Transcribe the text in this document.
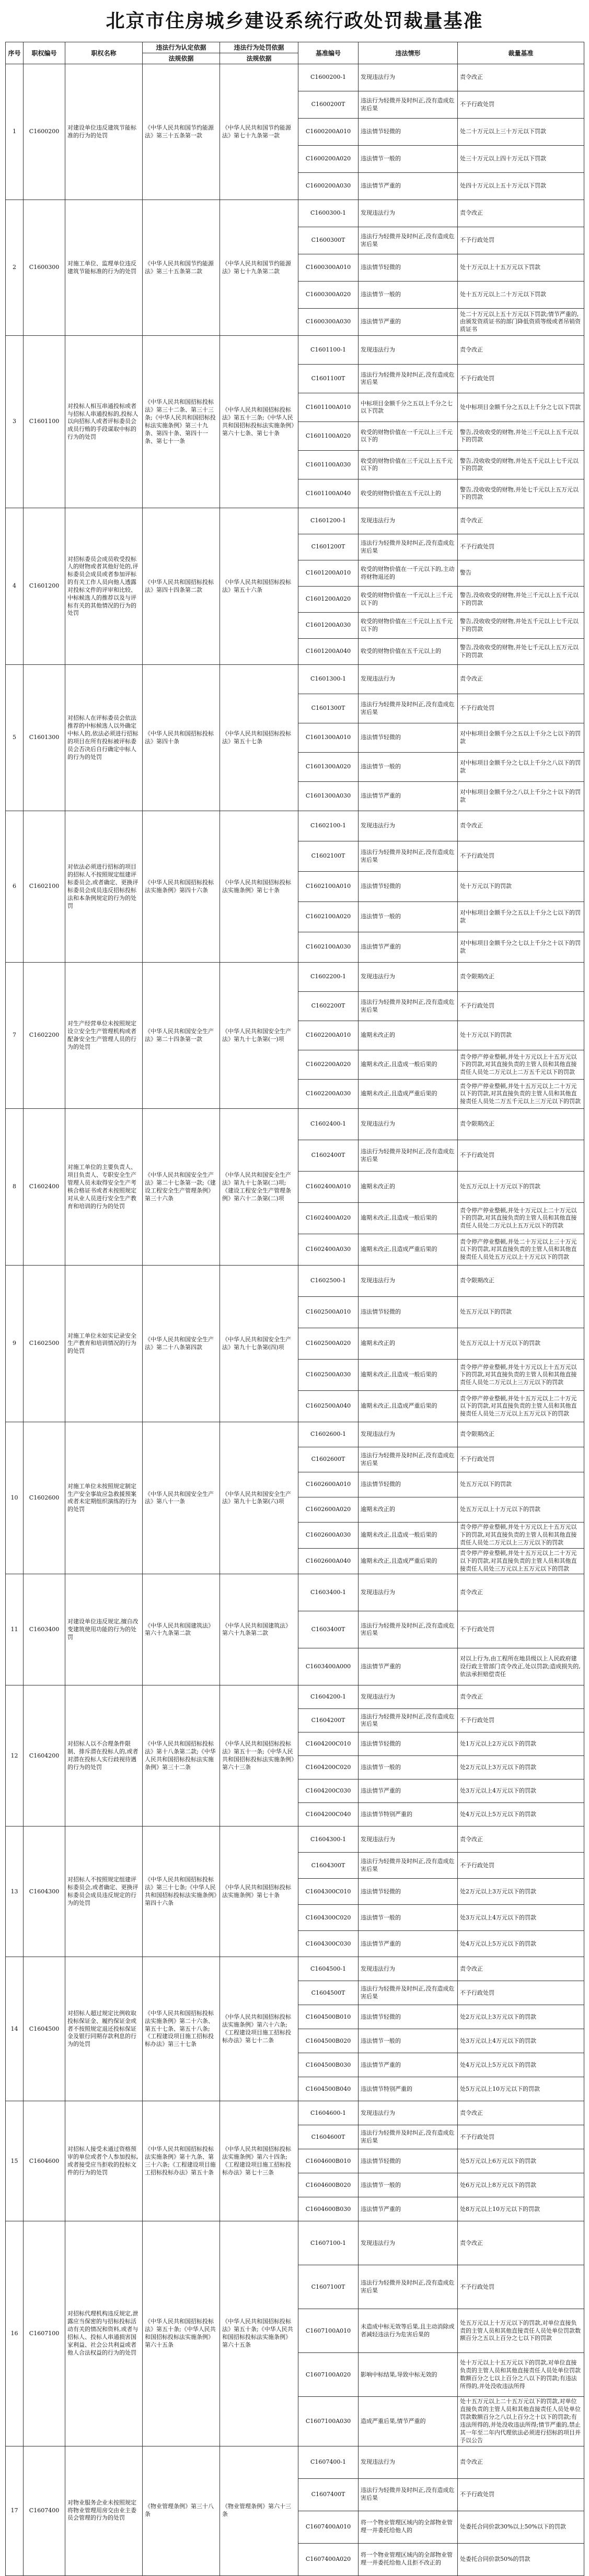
北京市住房城乡建设系统行政处罚裁量基准
序号	职权编号	职权名称	违法行为认定依据	违法行为处罚依据	基准编号	违法情形	裁量基准
			法规依据	法规依据			
1	C1600200	对建设单位违反建筑节能标准的行为的处罚	《中华人民共和国节约能源法》第三十五条第一款	《中华人民共和国节约能源法》第七十九条第一款	C1600200-1	发现违法行为	责令改正
					C1600200T	违法行为轻微并及时纠正,没有造成危害后果	不予行政处罚
					C1600200A010	违法情节轻微的	处二十万元以上三十万元以下罚款
					C1600200A020	违法情节一般的	处三十万元以上四十万元以下罚款
					C1600200A030	违法情节严重的	处四十万元以上五十万元以下罚款
2	C1600300	对施工单位、监理单位违反建筑节能标准的行为的处罚	《中华人民共和国节约能源法》第三十五条第二款	《中华人民共和国节约能源法》第七十九条第二款	C1600300-1	发现违法行为	责令改正
					C1600300T	违法行为轻微并及时纠正,没有造成危害后果	不予行政处罚
					C1600300A010	违法情节轻微的	处十万元以上十五万元以下罚款
					C1600300A020	违法情节一般的	处十五万元以上二十万元以下罚款
					C1600300A030	违法情节严重的	处二十万元以上五十万元以下罚款;情节严重的,由颁发资质证书的部门降低资质等级或者吊销资质证书
3	C1601100	对投标人相互串通投标或者与招标人串通投标的,投标人以向招标人或者评标委员会成员行贿的手段谋取中标的行为的处罚	《中华人民共和国招标投标法》第三十二条、第三十三条;《中华人民共和国招标投标法实施条例》第三十九条、第四十条、第四十一条、第七十一条	《中华人民共和国招标投标法》第五十三条;《中华人民共和国招标投标法实施条例》第六十七条、第七十条	C1601100-1	发现违法行为	责令改正
					C1601100T	违法行为轻微并及时纠正,没有造成危害后果	不予行政处罚
					C1601100A010	中标项目金额千分之五以上千分之七以下罚款	处中标项目金额千分之五以上千分之七以下罚款
					C1601100A020	收受的财物价值在一千元以上三千元以下的	警告,没收收受的财物,并处三千元以上五千元以下的罚款
					C1601100A030	收受的财物价值在三千元以上五千元以下的	警告,没收收受的财物,并处五千元以上七千元以下的罚款
					C1601100A040	收受的财物价值在五千元以上的	警告,没收收受的财物,并处七千元以上五万元以下的罚款
4	C1601200	对招标委员会成员收受投标人的财物或者其他好处的,评标委员会成员或者参加评标的有关工作人员向他人透露对投标文件的评审和比较、中标候选人的推荐以及与评标有关的其他情况的行为的处罚	《中华人民共和国招标投标法》第四十四条第二款	《中华人民共和国招标投标法》第五十六条	C1601200-1	发现违法行为	责令改正
					C1601200T	违法行为轻微并及时纠正,没有造成危害后果	不予行政处罚
					C1601200A010	收受的财物价值在一千元以下的,主动将财物退还的	警告
					C1601200A020	收受的财物价值在一千元以上三千元以下的	警告,没收收受的财物,并处三千元以上五千元以下的罚款
					C1601200A030	收受的财物价值在三千元以上五千元以下的	警告,没收收受的财物,并处五千元以上七千元以下的罚款
					C1601200A040	收受的财物价值在五千元以上的	警告,没收收受的财物,并处七千元以上五万元以下的罚款
5	C1601300	对招标人在评标委员会依法推荐的中标候选人以外确定中标人的,依法必须进行招标的项目在所有投标被评标委员会否决后自行确定中标人的行为的处罚	《中华人民共和国招标投标法》第四十条	《中华人民共和国招标投标法》第五十七条	C1601300-1	发现违法行为	责令改正
					C1601300T	违法行为轻微并及时纠正,没有造成危害后果	不予行政处罚
					C1601300A010	违法情节轻微的	对中标项目金额千分之五以上千分之七以下的罚款
					C1601300A020	违法情节一般的	对中标项目金额千分之七以上千分之八以下的罚款
					C1601300A030	违法情节严重的	对中标项目金额千分之八以上千分之十以下的罚款
6	C1602100	对依法必须进行招标的项目的招标人不按照规定组建评标委员会,或者确定、更换评标委员会成员违反招标投标法和本条例规定的行为的处罚	《中华人民共和国招标投标法实施条例》第四十六条	《中华人民共和国招标投标法实施条例》第七十条	C1602100-1	发现违法行为	责令改正
					C1602100T	违法行为轻微并及时纠正,没有造成危害后果	不予行政处罚
					C1602100A010	违法情节轻微的	处十万元以下的罚款
					C1602100A020	违法情节一般的	对中标项目金额千分之五以上千分之七以下的罚款
					C1602100A030	违法情节严重的	对中标项目金额千分之七以上千分之十以下的罚款
7	C1602200	对生产经营单位未按照规定设立安全生产管理机构或者配备安全生产管理人员的行为的处罚	《中华人民共和国安全生产法》第二十四条第一款	《中华人民共和国安全生产法》第九十七条第(一)项	C1602200-1	发现违法行为	责令限期改正
					C1602200T	违法行为轻微并及时纠正,没有造成危害后果	不予行政处罚
					C1602200A010	逾期未改正的	处十万元以下的罚款
					C1602200A020	逾期未改正,且造成一般后果的	责令停产停业整顿,并处十万元以上十五万元以下的罚款,对其直接负责的主管人员和其他直接责任人员处二万元以上二万五千元以下的罚款
					C1602200A030	逾期未改正,且造成严重后果的	责令停产停业整顿,并处十五万元以上二十万元以下的罚款,对其直接负责的主管人员和其他直接责任人员处二万五千元以上三万元以下的罚款
8	C1602400	对施工单位的主要负责人、项目负责人、专职安全生产管理人员未取得安全生产考核合格证书或者未按照规定对从业人员进行安全生产教育和培训的行为的处罚	《中华人民共和国安全生产法》第二十七条第一款;《建设工程安全生产管理条例》第三十六条	《中华人民共和国安全生产法》第九十七条第(二)项;《建设工程安全生产管理条例》第六十二条第(二)项	C1602400-1	发现违法行为	责令限期改正
					C1602400T	违法行为轻微并及时纠正,没有造成危害后果	不予行政处罚
					C1602400A010	逾期未改正的	处五万元以上十万元以下的罚款
					C1602400A020	逾期未改正,且造成一般后果的	责令停产停业整顿,并处十万元以上二十万元以下的罚款,对其直接负责的主管人员和其他直接责任人员处二万元以上五万元以下的罚款
					C1602400A030	逾期未改正,且造成严重后果的	责令停产停业整顿,并处二十万元以上三十万元以下的罚款,对其直接负责的主管人员和其他直接责任人员处五万元以上十万元以下的罚款
9	C1602500	对施工单位未如实记录安全生产教育和培训情况的行为的处罚	《中华人民共和国安全生产法》第二十八条第四款	《中华人民共和国安全生产法》第九十七条第(四)项	C1602500-1	发现违法行为	责令限期改正
					C1602500A010	违法情节轻微的	处五万元以下的罚款
					C1602500A020	逾期未改正的	处五万元以上十万元以下的罚款
					C1602500A030	逾期未改正,且造成一般后果的	责令停产停业整顿,并处十万元以上十五万元以下的罚款,对其直接负责的主管人员和其他直接责任人员处二万元以上三万元以下的罚款
					C1602500A040	逾期未改正,且造成严重后果的	责令停产停业整顿,并处十五万元以上二十万元以下的罚款,对其直接负责的主管人员和其他直接责任人员处三万元以上五万元以下的罚款
10	C1602600	对施工单位未按照规定制定生产安全事故应急救援预案或者未定期组织演练的行为的处罚	《中华人民共和国安全生产法》第八十一条	《中华人民共和国安全生产法》第九十七条第(六)项	C1602600-1	发现违法行为	责令限期改正
					C1602600T	违法行为轻微并及时纠正,没有造成危害后果	不予行政处罚
					C1602600A010	违法情节轻微的	处五万元以下的罚款
					C1602600A020	逾期未改正的	处五万元以上十万元以下的罚款
					C1602600A030	逾期未改正,且造成一般后果的	责令停产停业整顿,并处十万元以上十五万元以下的罚款,对其直接负责的主管人员和其他直接责任人员处二万元以上三万元以下的罚款
					C1602600A040	逾期未改正,且造成严重后果的	责令停产停业整顿,并处十五万元以上二十万元以下的罚款,对其直接负责的主管人员和其他直接责任人员处三万元以上五万元以下的罚款
11	C1603400	对建设单位违反规定,擅自改变建筑使用功能的行为的处罚	《中华人民共和国建筑法》第六十九条第二款	《中华人民共和国建筑法》第六十九条第二款	C1603400-1	发现违法行为	责令改正
					C1603400T	违法行为轻微并及时纠正,没有造成危害后果	不予行政处罚
					C1603400A000	违法情节严重的	对以上行为,由工程所在地县级以上人民政府建设行政主管部门责令改正,处以罚款;造成损失的,依法承担赔偿责任
12	C1604200	对招标人以不合理条件限制、排斥潜在投标人的,或者对潜在投标人实行歧视待遇的行为的处罚	《中华人民共和国招标投标法》第十八条第二款;《中华人民共和国招标投标法实施条例》第三十二条	《中华人民共和国招标投标法》第五十一条;《中华人民共和国招标投标法实施条例》第六十三条	C1604200-1	发现违法行为	责令改正
					C1604200T	违法行为轻微并及时纠正,没有造成危害后果	不予行政处罚
					C1604200C010	违法情节轻微的	处1万元以上2万元以下的罚款
					C1604200C020	违法情节一般的	处2万元以上3万元以下的罚款
					C1604200C030	违法情节严重的	处3万元以上4万元以下的罚款
					C1604200C040	违法情节特别严重的	处4万元以上5万元以下的罚款
13	C1604300	对招标人不按照规定组建评标委员会,或者确定、更换评标委员会成员违反规定的行为的处罚	《中华人民共和国招标投标法》第三十七条;《中华人民共和国招标投标法实施条例》第四十六条	《中华人民共和国招标投标法实施条例》第七十条	C1604300-1	发现违法行为	责令改正
					C1604300T	违法行为轻微并及时纠正,没有造成危害后果	不予行政处罚
					C1604300C010	违法情节轻微的	处2万元以上3万元以下的罚款
					C1604300C020	违法情节一般的	处3万元以上4万元以下的罚款
					C1604300C030	违法情节严重的	处4万元以上5万元以下的罚款
14	C1604500	对招标人超过规定比例收取投标保证金、履约保证金或者不按照规定退还投标保证金及银行同期存款利息的行为的处罚	《中华人民共和国招标投标法实施条例》第二十六条、第五十七条、第五十八条;《工程建设项目施工招标投标办法》第三十七条	《中华人民共和国招标投标法实施条例》第六十六条;《工程建设项目施工招标投标办法》第七十二条	C1604500-1	发现违法行为	责令改正
					C1604500T	违法行为轻微并及时纠正,没有造成危害后果	不予行政处罚
					C1604500B010	违法情节轻微的	处2万元以上3万元以下的罚款
					C1604500B020	违法情节一般的	处3万元以上4万元以下的罚款
					C1604500B030	违法情节严重的	处4万元以上5万元以下的罚款
					C1604500B040	违法情节特别严重的	处5万元以上10万元以下的罚款
15	C1604600	对招标人接受未通过资格预审的单位或者个人参加投标,或者接受应当拒收的投标文件的行为的处罚	《中华人民共和国招标投标法实施条例》第十九条、第三十六条;《工程建设项目施工招标投标办法》第五十条	《中华人民共和国招标投标法实施条例》第六十四条;《工程建设项目施工招标投标办法》第七十三条	C1604600-1	发现违法行为	责令改正
					C1604600T	违法行为轻微并及时纠正,没有造成危害后果	不予行政处罚
					C1604600B010	违法情节轻微的	处5万元以上6万元以下的罚款
					C1604600B020	违法情节一般的	处6万元以上8万元以下的罚款
					C1604600B030	违法情节严重的	处8万元以上10万元以下的罚款
16	C1607100	对招标代理机构违反规定,泄露应当保密的与招标投标活动有关的情况和资料,或者与招标人、投标人串通损害国家利益、社会公共利益或者他人合法权益的行为的处罚	《中华人民共和国招标投标法》第五十条;《中华人民共和国招标投标法实施条例》第六十五条	《中华人民共和国招标投标法》第五十条;《中华人民共和国招标投标法实施条例》第六十五条	C1607100-1	发现违法行为	责令改正
					C1607100T	违法行为轻微并及时纠正,没有造成危害后果	不予行政处罚
					C1607100A010	未造成中标无效等后果,且主动消除或者减轻违法行为危害后果的	处五万元以上十万元以下的罚款,对单位直接负责的主管人员和其他直接责任人员处单位罚款数额百分之五以上百分之七以下的罚款
					C1607100A020	影响中标结果,导致中标无效的	处十万元以上十五万元以下的罚款,对单位直接负责的主管人员和其他直接责任人员处单位罚款数额百分之七以上百分之八以下的罚款;有违法所得的,并处没收违法所得
					C1607100A030	造成严重后果,情节严重的	处十五万元以上二十五万元以下的罚款,对单位直接负责的主管人员和其他直接责任人员处单位罚款数额百分之八以上百分之十以下的罚款;有违法所得的,并处没收违法所得;情节严重的,禁止其一年至二年内代理依法必须进行招标的项目并予以公告
17	C1607400	对物业服务企业未按照规定将物业管理用房交由业主委员会管理的行为的处罚	《物业管理条例》第三十八条	《物业管理条例》第六十三条	C1607400-1	发现违法行为	责令改正
					C1607400T	违法行为轻微并及时纠正,没有造成危害后果	不予行政处罚
					C1607400A010	将一个物业管理区域内的全部物业管理一并委托给他人的	处委托合同价款30%以上50%以下的罚款
					C1607400A020	将一个物业管理区域内的全部物业管理一并委托给他人且拒不改正的	处委托合同价款50%的罚款
